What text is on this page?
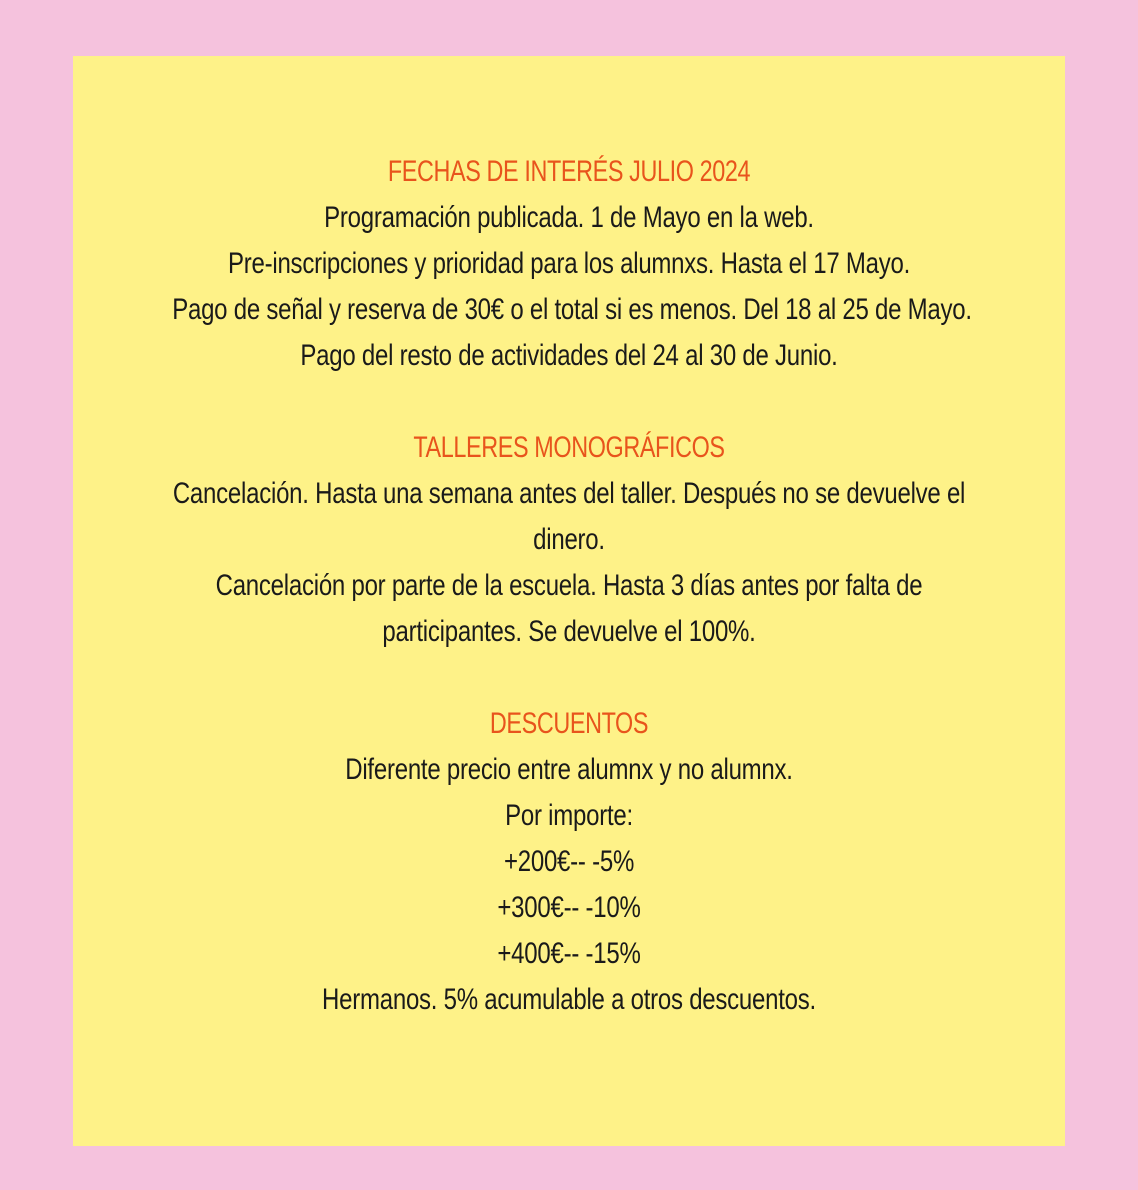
FECHAS DE INTERÉS JULIO 2024
Programación publicada. 1 de Mayo en la web.
Pre-inscripciones y prioridad para los alumnxs. Hasta el 17 Mayo.
Pago de señal y reserva de 30€ o el total si es menos. Del 18 al 25 de Mayo.
Pago del resto de actividades del 24 al 30 de Junio.
TALLERES MONOGRÁFICOS
Cancelación. Hasta una semana antes del taller. Después no se devuelve el
dinero.
Cancelación por parte de la escuela. Hasta 3 días antes por falta de
participantes. Se devuelve el 100%.
DESCUENTOS
Diferente precio entre alumnx y no alumnx.
Por importe:
+200€-- -5%
+300€-- -10%
+400€-- -15%
Hermanos. 5% acumulable a otros descuentos.
